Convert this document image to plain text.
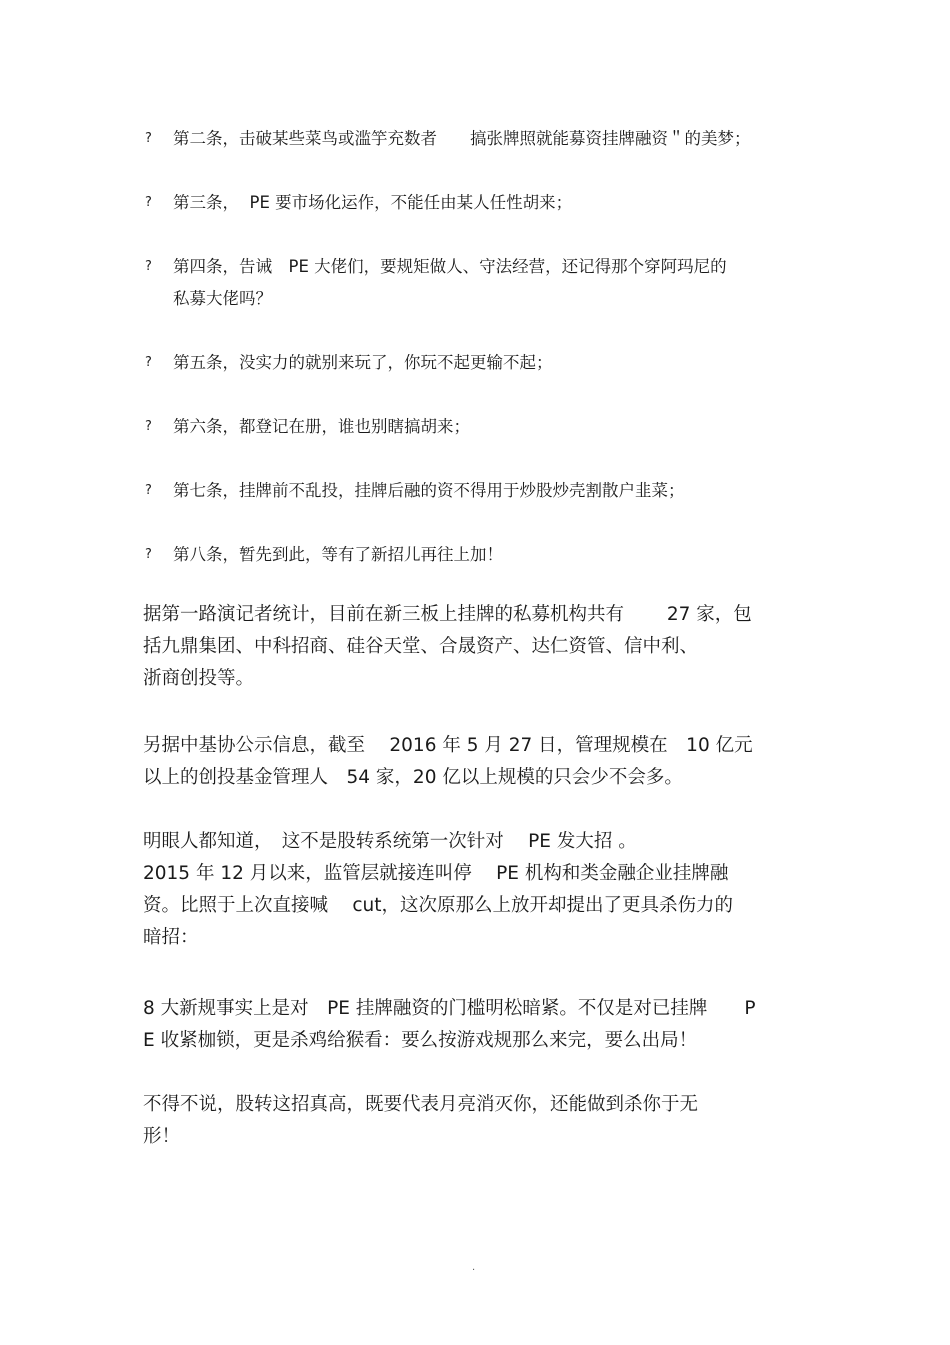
?	第二条，击破某些菜鸟或滥竽充数者　　搞张牌照就能募资挂牌融资＂的美梦；
?	第三条，  PE 要市场化运作，不能任由某人任性胡来；
?	第四条，告诫　PE 大佬们，要规矩做人、守法经营，还记得那个穿阿玛尼的
私募大佬吗？
?	第五条，没实力的就别来玩了，你玩不起更输不起；
?	第六条，都登记在册，谁也别瞎搞胡来；
?	第七条，挂牌前不乱投，挂牌后融的资不得用于炒股炒壳割散户韭菜；
?	第八条，暂先到此，等有了新招儿再往上加！
据第一路演记者统计，目前在新三板上挂牌的私募机构共有　　 27 家，包
括九鼎集团、中科招商、硅谷天堂、合晟资产、达仁资管、信中利、
浙商创投等。
另据中基协公示信息，截至　 2016 年 5 月 27 日，管理规模在　10 亿元
以上的创投基金管理人　54 家，20 亿以上规模的只会少不会多。
明眼人都知道，　这不是股转系统第一次针对　 PE 发大招 。
2015 年 12 月以来，监管层就接连叫停　 PE 机构和类金融企业挂牌融
资。比照于上次直接喊　 cut，这次原那么上放开却提出了更具杀伤力的
暗招：
8 大新规事实上是对　PE 挂牌融资的门槛明松暗紧。不仅是对已挂牌　　P
E 收紧枷锁，更是杀鸡给猴看：要么按游戏规那么来完，要么出局！
不得不说，股转这招真高，既要代表月亮消灭你，还能做到杀你于无
形！
.
